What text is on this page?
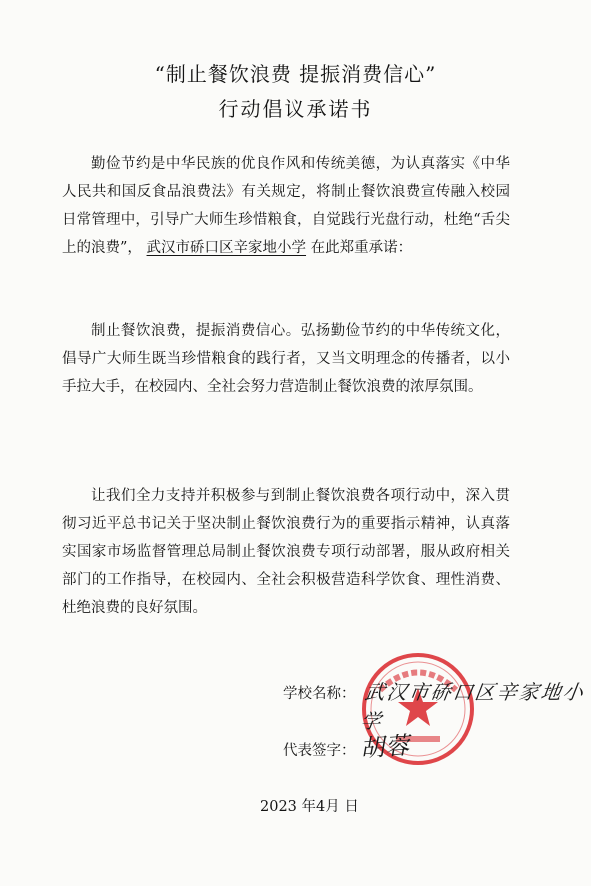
“制止餐饮浪费 提振消费信心”
行动倡议承诺书

勤俭节约是中华民族的优良作风和传统美德，为认真落实《中华人民共和国反食品浪费法》有关规定，将制止餐饮浪费宣传融入校园日常管理中，引导广大师生珍惜粮食，自觉践行光盘行动，杜绝“舌尖上的浪费”， 武汉市硚口区辛家地小学 在此郑重承诺：

制止餐饮浪费，提振消费信心。弘扬勤俭节约的中华传统文化，倡导广大师生既当珍惜粮食的践行者，又当文明理念的传播者，以小手拉大手，在校园内、全社会努力营造制止餐饮浪费的浓厚氛围。

让我们全力支持并积极参与到制止餐饮浪费各项行动中，深入贯彻习近平总书记关于坚决制止餐饮浪费行为的重要指示精神，认真落实国家市场监督管理总局制止餐饮浪费专项行动部署，服从政府相关部门的工作指导，在校园内、全社会积极营造科学饮食、理性消费、杜绝浪费的良好氛围。

学校名称： 武汉市硚口区辛家地小学
代表签字： 胡蓉
2023 年4月 日
